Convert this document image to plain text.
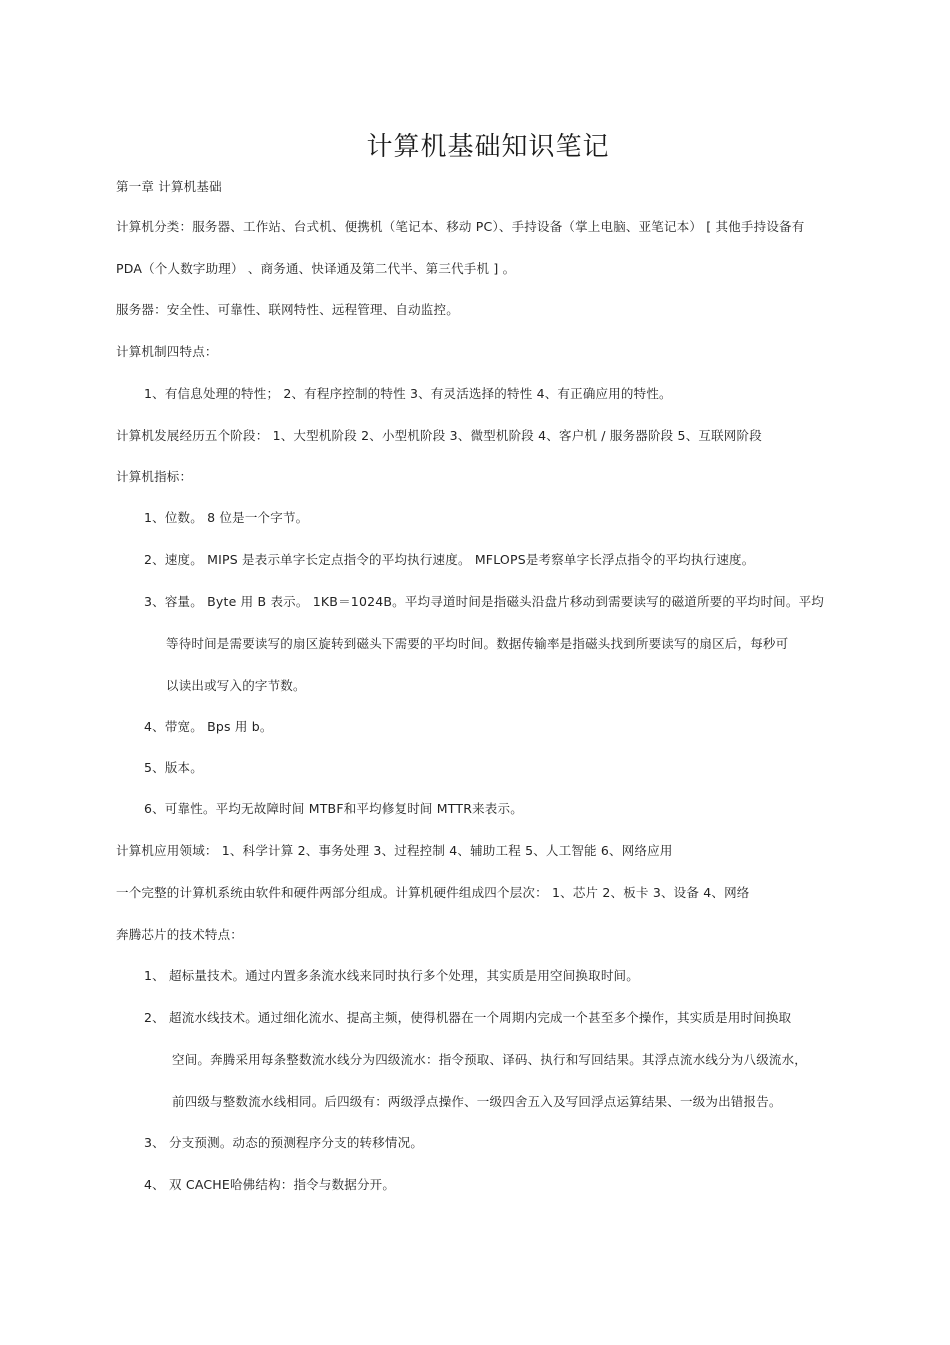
计算机基础知识笔记
第一章 计算机基础
计算机分类：服务器、工作站、台式机、便携机（笔记本、移动 PC）、手持设备（掌上电脑、亚笔记本） [ 其他手持设备有
PDA（个人数字助理） 、商务通、快译通及第二代半、第三代手机 ] 。
服务器：安全性、可靠性、联网特性、远程管理、自动监控。
计算机制四特点：
1、有信息处理的特性； 2、有程序控制的特性 3、有灵活选择的特性 4、有正确应用的特性。
计算机发展经历五个阶段： 1、大型机阶段 2、小型机阶段 3、微型机阶段 4、客户机 / 服务器阶段 5、互联网阶段
计算机指标：
1、位数。 8 位是一个字节。
2、速度。 MIPS 是表示单字长定点指令的平均执行速度。 MFLOPS是考察单字长浮点指令的平均执行速度。
3、容量。 Byte 用 B 表示。 1KB＝1024B。平均寻道时间是指磁头沿盘片移动到需要读写的磁道所要的平均时间。平均
等待时间是需要读写的扇区旋转到磁头下需要的平均时间。数据传输率是指磁头找到所要读写的扇区后，每秒可
以读出或写入的字节数。
4、带宽。 Bps 用 b。
5、版本。
6、可靠性。平均无故障时间 MTBF和平均修复时间 MTTR来表示。
计算机应用领域： 1、科学计算 2、事务处理 3、过程控制 4、辅助工程 5、人工智能 6、网络应用
一个完整的计算机系统由软件和硬件两部分组成。计算机硬件组成四个层次： 1、芯片 2、板卡 3、设备 4、网络
奔腾芯片的技术特点：
1、 超标量技术。通过内置多条流水线来同时执行多个处理，其实质是用空间换取时间。
2、 超流水线技术。通过细化流水、提高主频，使得机器在一个周期内完成一个甚至多个操作，其实质是用时间换取
空间。奔腾采用每条整数流水线分为四级流水：指令预取、译码、执行和写回结果。其浮点流水线分为八级流水，
前四级与整数流水线相同。后四级有：两级浮点操作、一级四舍五入及写回浮点运算结果、一级为出错报告。
3、 分支预测。动态的预测程序分支的转移情况。
4、 双 CACHE哈佛结构：指令与数据分开。
